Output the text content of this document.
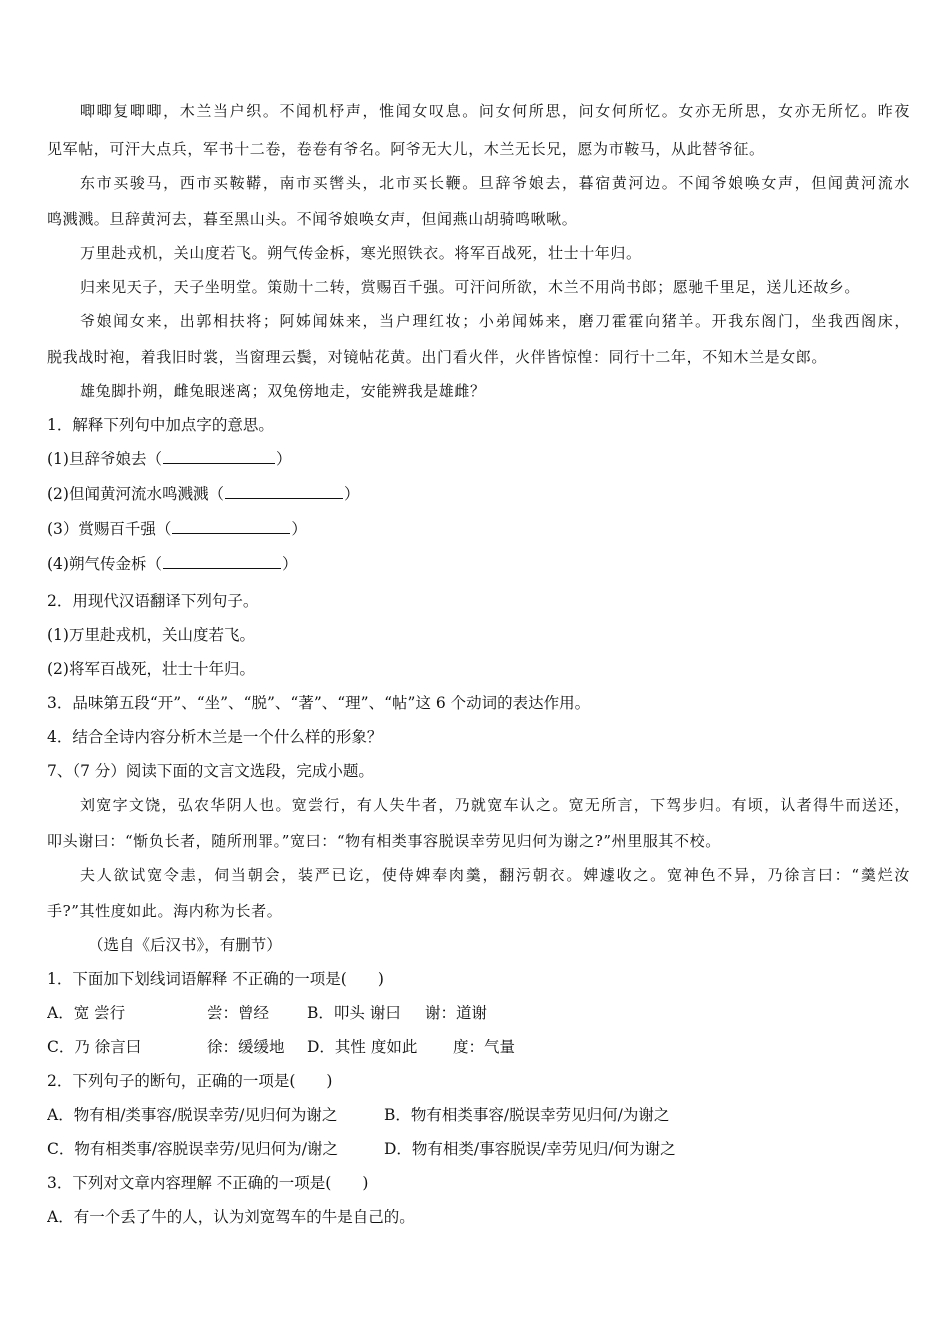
唧唧复唧唧，木兰当户织。不闻机杼声，惟闻女叹息。问女何所思，问女何所忆。女亦无所思，女亦无所忆。昨夜
见军帖，可汗大点兵，军书十二卷，卷卷有爷名。阿爷无大儿，木兰无长兄，愿为市鞍马，从此替爷征。
东市买骏马，西市买鞍鞯，南市买辔头，北市买长鞭。旦辞爷娘去，暮宿黄河边。不闻爷娘唤女声，但闻黄河流水
鸣溅溅。旦辞黄河去，暮至黑山头。不闻爷娘唤女声，但闻燕山胡骑鸣啾啾。
万里赴戎机，关山度若飞。朔气传金柝，寒光照铁衣。将军百战死，壮士十年归。
归来见天子，天子坐明堂。策勋十二转，赏赐百千强。可汗问所欲，木兰不用尚书郎；愿驰千里足，送儿还故乡。
爷娘闻女来，出郭相扶将；阿姊闻妹来，当户理红妆；小弟闻姊来，磨刀霍霍向猪羊。开我东阁门，坐我西阁床，
脱我战时袍，着我旧时裳，当窗理云鬓，对镜帖花黄。出门看火伴，火伴皆惊惶：同行十二年，不知木兰是女郎。
雄兔脚扑朔，雌兔眼迷离；双兔傍地走，安能辨我是雄雌？
1．解释下列句中加点字的意思。
(1)旦辞爷娘去（	）
(2)但闻黄河流水鸣溅溅（	）
(3）赏赐百千强（	）
(4)朔气传金柝（	）
2．用现代汉语翻译下列句子。
(1)万里赴戎机，关山度若飞。
(2)将军百战死，壮士十年归。
3．品味第五段“开”、“坐”、“脱”、“著”、“理”、“帖”这 6 个动词的表达作用。
4．结合全诗内容分析木兰是一个什么样的形象？
7、（7 分）阅读下面的文言文选段，完成小题。
刘宽字文饶，弘农华阴人也。宽尝行，有人失牛者，乃就宽车认之。宽无所言，下驾步归。有顷，认者得牛而送还，
叩头谢曰：“惭负长者，随所刑罪。”宽曰：“物有相类事容脱误幸劳见归何为谢之?”州里服其不校。
夫人欲试宽令恚，伺当朝会，装严已讫，使侍婢奉肉羹，翻污朝衣。婢遽收之。宽神色不异，乃徐言曰：“羹烂汝
手?”其性度如此。海内称为长者。
（选自《后汉书》，有删节）
1．下面加下划线词语解释 不正确的一项是(　　)
A．宽 尝行	尝：曾经 B．叩头 谢曰 谢：道谢
C．乃 徐言曰	徐：缓缓地 D．其性 度如此 度：气量
2．下列句子的断句，正确的一项是(　　)
A．物有相/类事容/脱误幸劳/见归何为谢之	B．物有相类事容/脱误幸劳见归何/为谢之
C．物有相类事/容脱误幸劳/见归何为/谢之	D．物有相类/事容脱误/幸劳见归/何为谢之
3．下列对文章内容理解 不正确的一项是(　　)
A．有一个丢了牛的人，认为刘宽驾车的牛是自己的。
